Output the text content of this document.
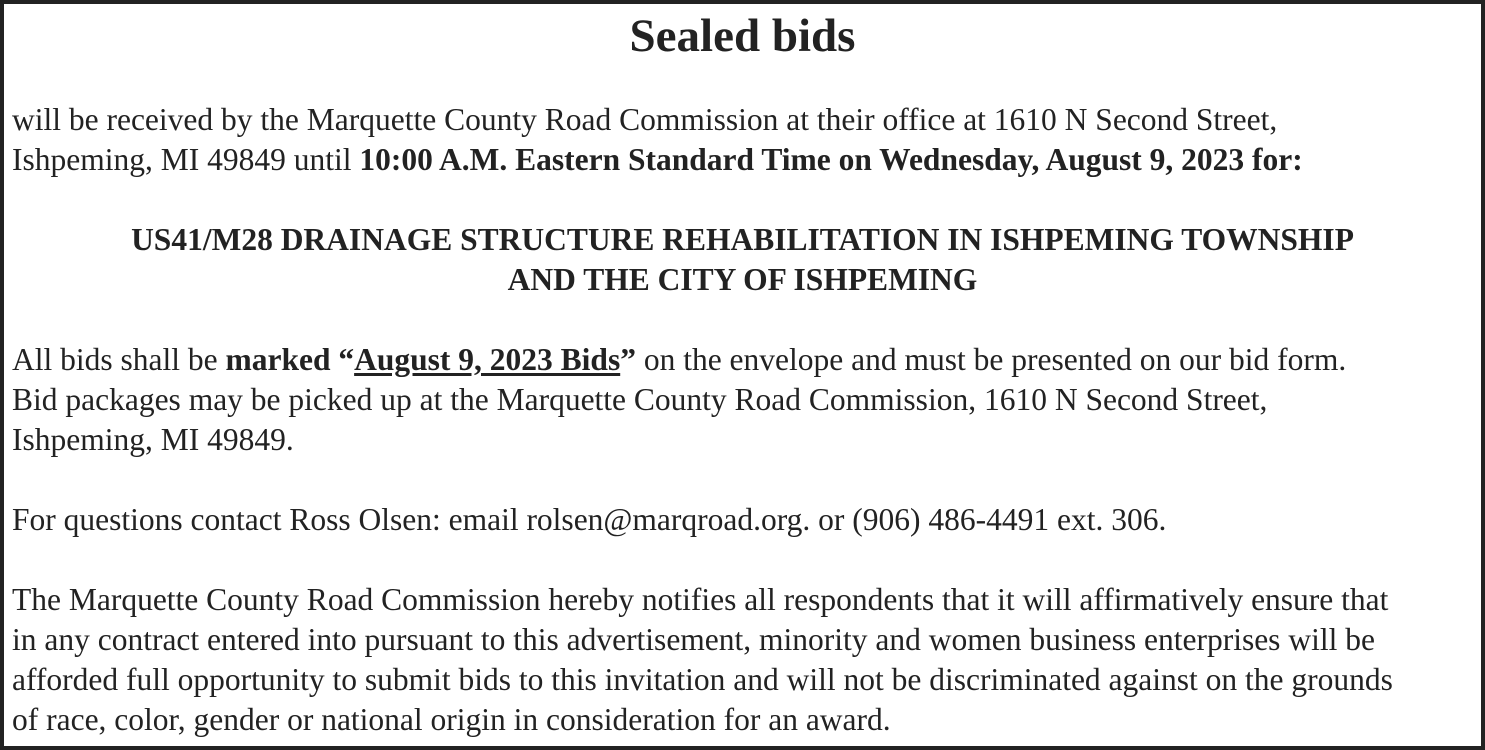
Sealed bids
will be received by the Marquette County Road Commission at their office at 1610 N Second Street,
Ishpeming, MI 49849 until 10:00 A.M. Eastern Standard Time on Wednesday, August 9, 2023 for:
US41/M28 DRAINAGE STRUCTURE REHABILITATION IN ISHPEMING TOWNSHIP
AND THE CITY OF ISHPEMING
All bids shall be marked “August 9, 2023 Bids” on the envelope and must be presented on our bid form.
Bid packages may be picked up at the Marquette County Road Commission, 1610 N Second Street,
Ishpeming, MI 49849.
For questions contact Ross Olsen: email rolsen@marqroad.org. or (906) 486-4491 ext. 306.
The Marquette County Road Commission hereby notifies all respondents that it will affirmatively ensure that
in any contract entered into pursuant to this advertisement, minority and women business enterprises will be
afforded full opportunity to submit bids to this invitation and will not be discriminated against on the grounds
of race, color, gender or national origin in consideration for an award.
